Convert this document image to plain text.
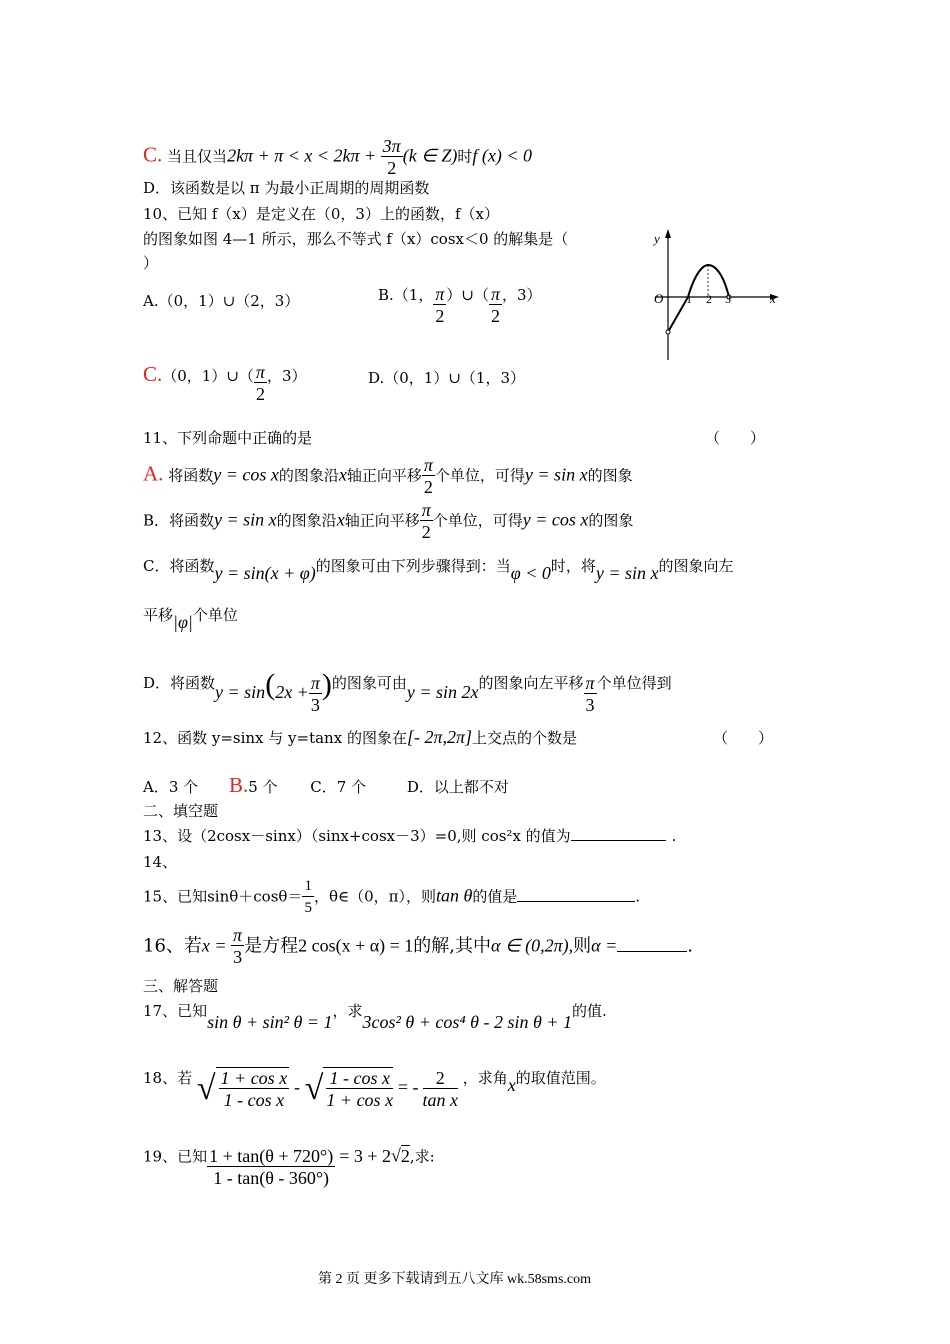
C. 当且仅当$2k\pi + \pi < x < 2k\pi + \frac{3\pi}{2} (k$ ∈ Z)时f (x) < 0
D．该函数是以 π 为最小正周期的周期函数
10、已知 f（x）是定义在（0，3）上的函数，f（x）
的图象如图 4—1 所示，那么不等式 f（x）cosx＜0 的解集是（
）
A.（0，1）∪（2，3）	B.（1， $\frac{\pi}{2}$ ）∪（ $\frac{\pi}{2}$ ，3）
C.（0，1）∪（ $\frac{\pi}{2}$ ，3）	D.（0，1）∪（1，3）
y
x
O 1 2 3
11、下列命题中正确的是	（　　）
A. 将函数y = cos x的图象沿x轴正向平移 $\frac{\pi}{2}$ 个单位，可得y = sin x的图象
B．将函数y = sin x的图象沿x轴正向平移 $\frac{\pi}{2}$ 个单位，可得y = cos x的图象
C．将函数y = sin(x + φ)的图象可由下列步骤得到：当φ < 0时，将y = sin x的图象向左
平移|φ|个单位
D．将函数$y = \sin(2x + \frac{\pi}{3}$ )的图象可由y = sin 2x的图象向左平移 $\frac{\pi}{3}$ 个单位得到
12、函数 y=sinx 与 y=tanx 的图象在[- 2π,2π]上交点的个数是	（　　）
A．3 个 B.5 个 C．7 个	D．以上都不对
二、填空题
13、设（2cosx－sinx）（sinx+cosx－3）=0,则 cos²x 的值为	.
14、
15、已知$\sin\theta+\cos\theta= \frac{1}{5}$ ，θ∈（0，π），则tan θ的值是	.
16、若$x = \frac{\pi}{3}$ 是方程2 cos(x + α) = 1的解,其中α ∈ (0,2π),则α =	.
三、解答题
17、已知sin θ + sin² θ = 1，求3cos² θ + cos⁴ θ - 2 sin θ + 1的值.
18、若 √ $\frac{\text{1 + cos x}}{\text{1 - cos x}}$ - √ $\frac{\text{1 - cos x}}{\text{1 + cos x}}$ = - $\frac{2}{\text{tan x}}$ ，求角x的取值范围。
19、已知 $\frac{1 + \tan(\theta + 720^\circ)}{1 - \tan(\theta - 360^\circ)} = 3 + 2√2$,求:
第 2 页 更多下载请到五八文库 wk.58sms.com
